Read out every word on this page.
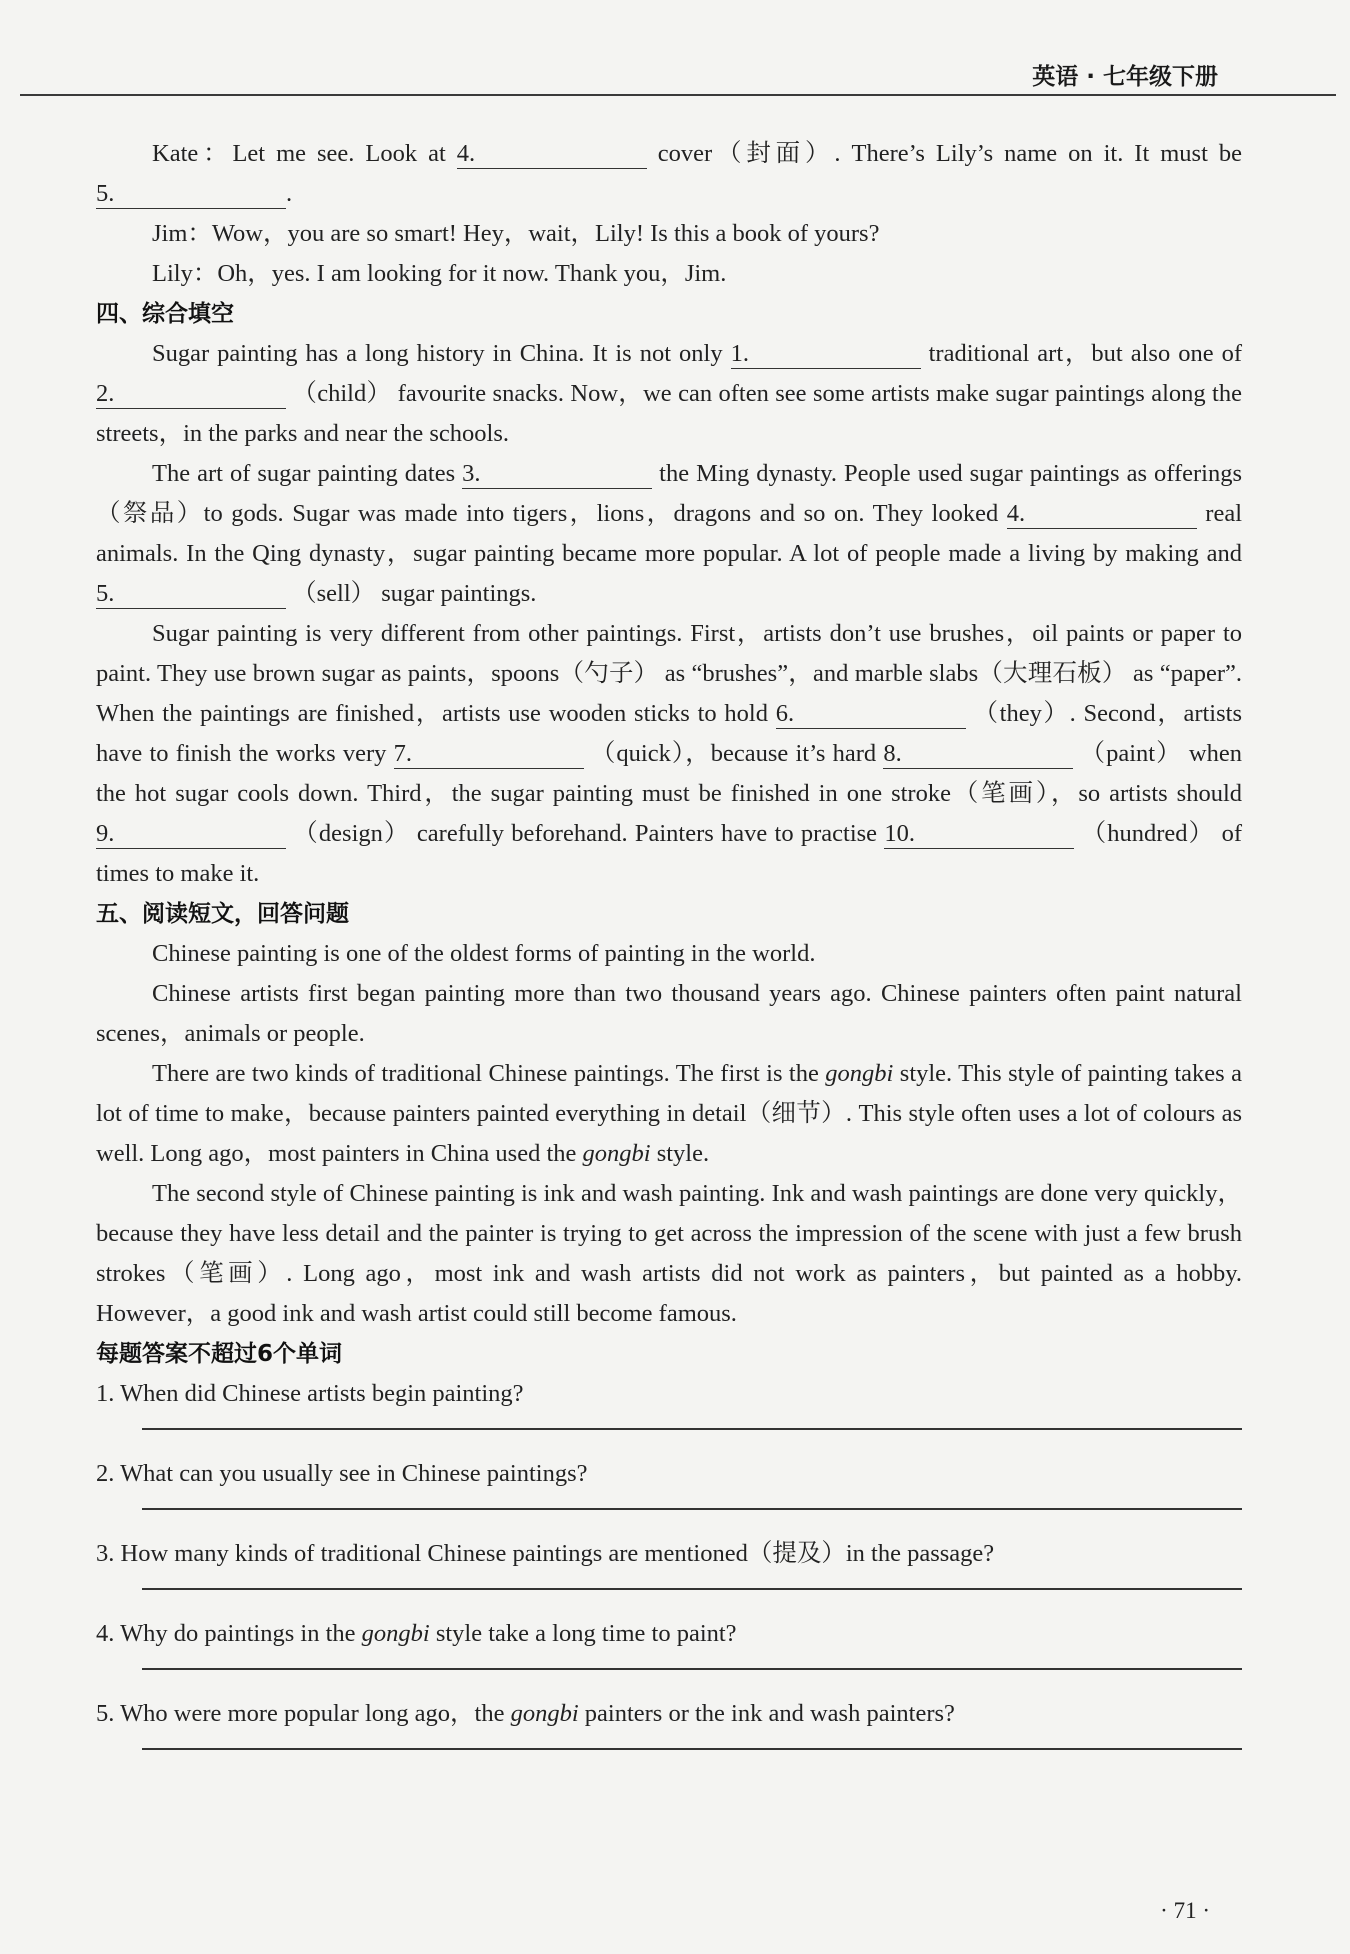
英语 · 七年级下册

Kate：Let me see. Look at 4.	cover（封面）. There’s Lily’s name on it. It must be 5.	.

Jim：Wow，you are so smart! Hey，wait，Lily! Is this a book of yours?

Lily：Oh，yes. I am looking for it now. Thank you，Jim.

四、综合填空

Sugar painting has a long history in China. It is not only 1.	traditional art，but also one of 2.	（child） favourite snacks. Now，we can often see some artists make sugar paintings along the streets，in the parks and near the schools.

The art of sugar painting dates 3.	the Ming dynasty. People used sugar paintings as offerings（祭品）to gods. Sugar was made into tigers，lions，dragons and so on. They looked 4.	real animals. In the Qing dynasty，sugar painting became more popular. A lot of people made a living by making and 5.	（sell） sugar paintings.

Sugar painting is very different from other paintings. First，artists don’t use brushes，oil paints or paper to paint. They use brown sugar as paints，spoons（勺子） as “brushes”，and marble slabs（大理石板） as “paper”. When the paintings are finished，artists use wooden sticks to hold 6.	（they）. Second，artists have to finish the works very 7.	（quick），because it’s hard 8.	（paint） when the hot sugar cools down. Third，the sugar painting must be finished in one stroke（笔画），so artists should 9.	（design） carefully beforehand. Painters have to practise 10.	（hundred） of times to make it.

五、阅读短文，回答问题

Chinese painting is one of the oldest forms of painting in the world.

Chinese artists first began painting more than two thousand years ago. Chinese painters often paint natural scenes，animals or people.

There are two kinds of traditional Chinese paintings. The first is the gongbi style. This style of painting takes a lot of time to make，because painters painted everything in detail（细节）. This style often uses a lot of colours as well. Long ago，most painters in China used the gongbi style.

The second style of Chinese painting is ink and wash painting. Ink and wash paintings are done very quickly，because they have less detail and the painter is trying to get across the impression of the scene with just a few brush strokes（笔画）. Long ago，most ink and wash artists did not work as painters，but painted as a hobby. However，a good ink and wash artist could still become famous.

每题答案不超过6个单词

1. When did Chinese artists begin painting?

2. What can you usually see in Chinese paintings?

3. How many kinds of traditional Chinese paintings are mentioned（提及）in the passage?

4. Why do paintings in the gongbi style take a long time to paint?

5. Who were more popular long ago，the gongbi painters or the ink and wash painters?

· 71 ·
